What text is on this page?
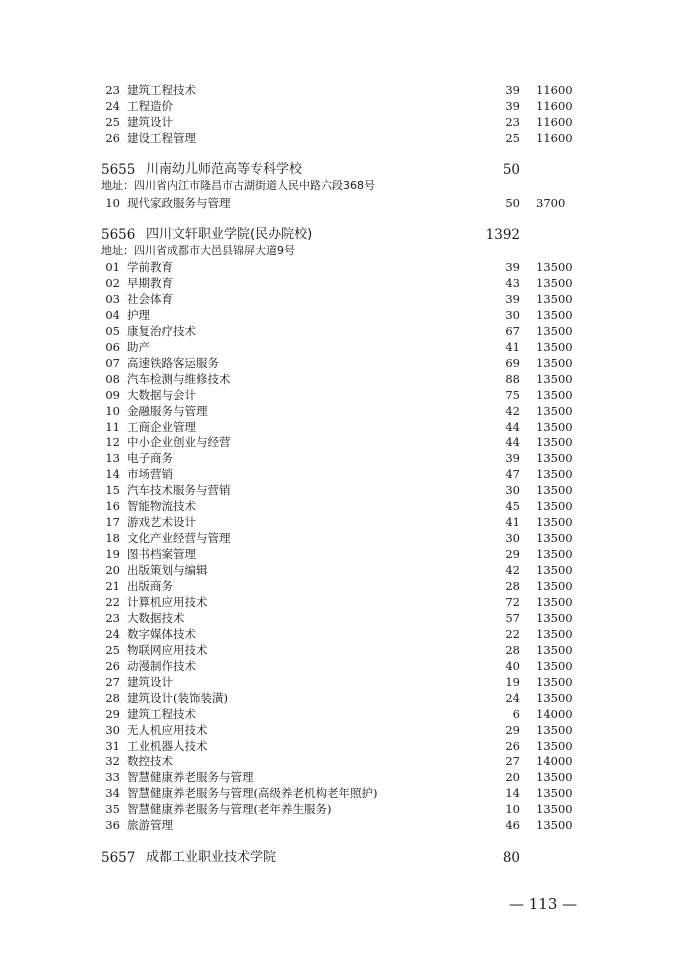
23 建筑工程技术	39 11600
24 工程造价	39 11600
25 建筑设计	23 11600
26 建设工程管理	25 11600
5655 川南幼儿师范高等专科学校	50
地址：四川省内江市隆昌市古湖街道人民中路六段368号
10 现代家政服务与管理	50 3700
5656 四川文轩职业学院(民办院校)	1392
地址：四川省成都市大邑县锦屏大道9号
01 学前教育	39 13500
02 早期教育	43 13500
03 社会体育	39 13500
04 护理	30 13500
05 康复治疗技术	67 13500
06 助产	41 13500
07 高速铁路客运服务	69 13500
08 汽车检测与维修技术	88 13500
09 大数据与会计	75 13500
10 金融服务与管理	42 13500
11 工商企业管理	44 13500
12 中小企业创业与经营	44 13500
13 电子商务	39 13500
14 市场营销	47 13500
15 汽车技术服务与营销	30 13500
16 智能物流技术	45 13500
17 游戏艺术设计	41 13500
18 文化产业经营与管理	30 13500
19 图书档案管理	29 13500
20 出版策划与编辑	42 13500
21 出版商务	28 13500
22 计算机应用技术	72 13500
23 大数据技术	57 13500
24 数字媒体技术	22 13500
25 物联网应用技术	28 13500
26 动漫制作技术	40 13500
27 建筑设计	19 13500
28 建筑设计(装饰装潢)	24 13500
29 建筑工程技术	6 14000
30 无人机应用技术	29 13500
31 工业机器人技术	26 13500
32 数控技术	27 14000
33 智慧健康养老服务与管理	20 13500
34 智慧健康养老服务与管理(高级养老机构老年照护)	14 13500
35 智慧健康养老服务与管理(老年养生服务)	10 13500
36 旅游管理	46 13500
5657 成都工业职业技术学院	80
— 113 —
